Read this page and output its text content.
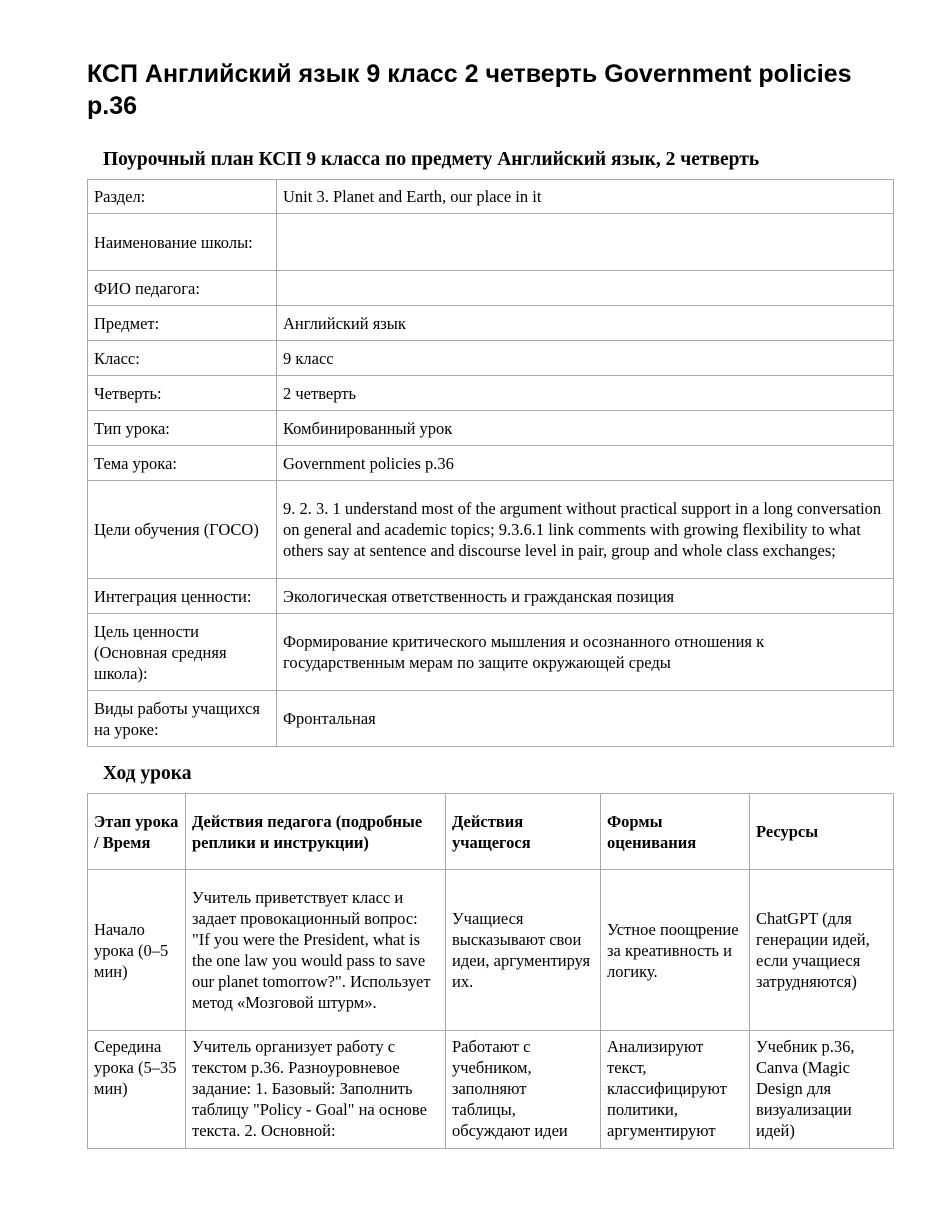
КСП Английский язык 9 класс 2 четверть Government policies p.36
Поурочный план КСП 9 класса по предмету Английский язык, 2 четверть
Раздел:	Unit 3. Planet and Earth, our place in it
Наименование школы:	
ФИО педагога:	
Предмет:	Английский язык
Класс:	9 класс
Четверть:	2 четверть
Тип урока:	Комбинированный урок
Тема урока:	Government policies p.36
Цели обучения (ГОСО)	9. 2. 3. 1 understand most of the argument without practical support in a long conversation on general and academic topics; 9.3.6.1 link comments with growing flexibility to what others say at sentence and discourse level in pair, group and whole class exchanges;
Интеграция ценности:	Экологическая ответственность и гражданская позиция
Цель ценности (Основная средняя школа):	Формирование критического мышления и осознанного отношения к государственным мерам по защите окружающей среды
Виды работы учащихся на уроке:	Фронтальная
Ход урока
Этап урока / Время	Действия педагога (подробные реплики и инструкции)	Действия учащегося	Формы оценивания	Ресурсы
Начало урока (0–5 мин)	Учитель приветствует класс и задает провокационный вопрос: "If you were the President, what is the one law you would pass to save our planet tomorrow?". Использует метод «Мозговой штурм».	Учащиеся высказывают свои идеи, аргументируя их.	Устное поощрение за креативность и логику.	ChatGPT (для генерации идей, если учащиеся затрудняются)
Середина урока (5–35 мин)	Учитель организует работу с текстом p.36. Разноуровневое задание: 1. Базовый: Заполнить таблицу "Policy - Goal" на основе текста. 2. Основной:	Работают с учебником, заполняют таблицы, обсуждают идеи	Анализируют текст, классифицируют политики, аргументируют	Учебник p.36, Canva (Magic Design для визуализации идей)
